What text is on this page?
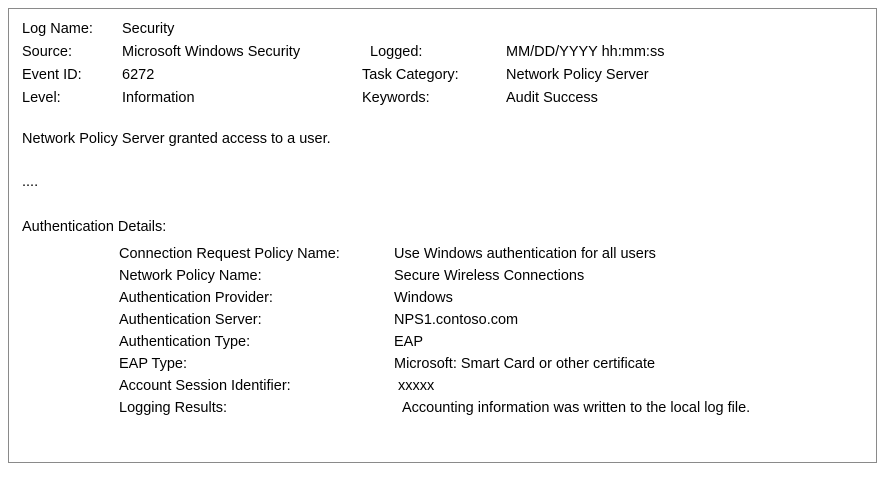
Log Name:	Security
Source:	Microsoft Windows Security	Logged:	MM/DD/YYYY hh:mm:ss
Event ID:	6272	Task Category:	Network Policy Server
Level:	Information	Keywords:	Audit Success
Network Policy Server granted access to a user.
....
Authentication Details:
Connection Request Policy Name:	Use Windows authentication for all users
Network Policy Name:	Secure Wireless Connections
Authentication Provider:	Windows
Authentication Server:	NPS1.contoso.com
Authentication Type:	EAP
EAP Type:	Microsoft: Smart Card or other certificate
Account Session Identifier:	xxxxx
Logging Results:	Accounting information was written to the local log file.
